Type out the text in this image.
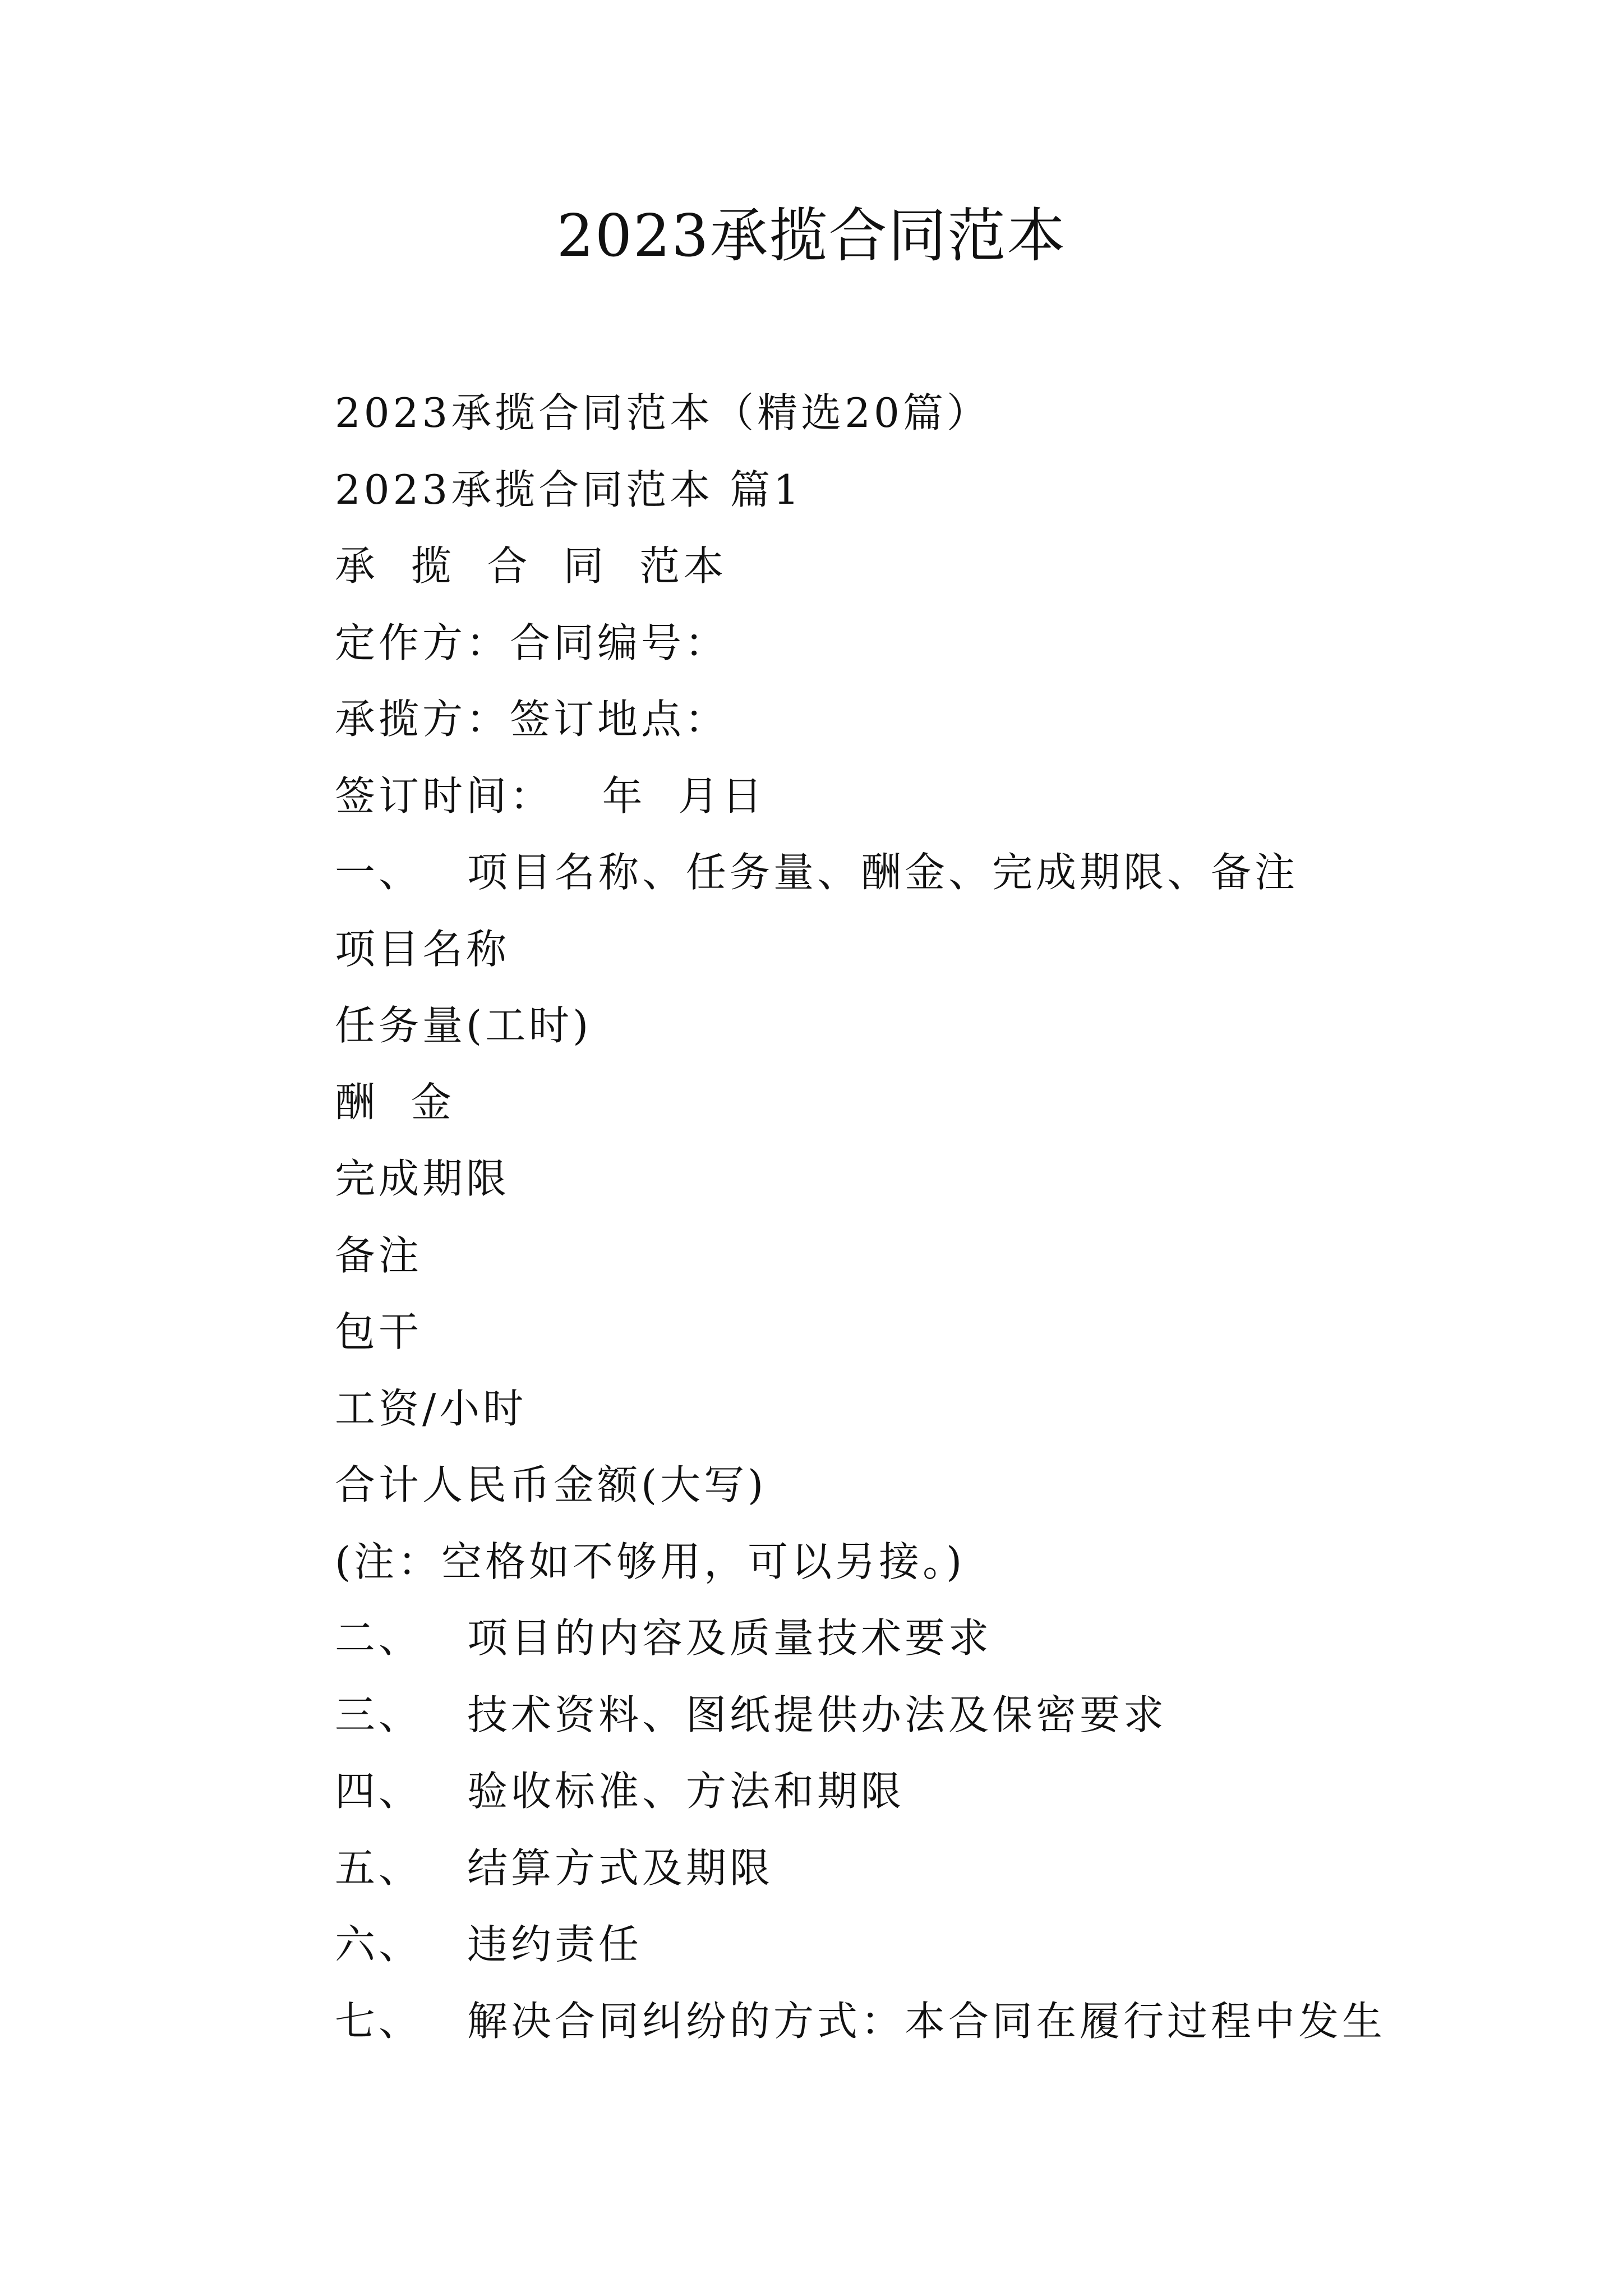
2023承揽合同范本
2023承揽合同范本（精选20篇）
2023承揽合同范本 篇1
承  揽  合  同  范本
定作方：合同编号：
承揽方：签订地点：
签订时间：   年  月日
一、 项目名称、任务量、酬金、完成期限、备注
项目名称
任务量(工时)
酬  金
完成期限
备注
包干
工资/小时
合计人民币金额(大写)
(注：空格如不够用，可以另接。)
二、 项目的内容及质量技术要求
三、 技术资料、图纸提供办法及保密要求
四、 验收标准、方法和期限
五、 结算方式及期限
六、 违约责任
七、 解决合同纠纷的方式：本合同在履行过程中发生
